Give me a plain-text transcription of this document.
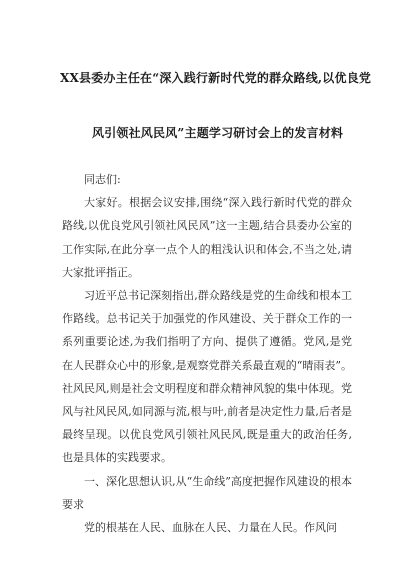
XX县委办主任在“深入践行新时代党的群众路线,以优良党
风引领社风民风”主题学习研讨会上的发言材料

同志们:

大家好。根据会议安排,围绕“深入践行新时代党的群众路线,以优良党风引领社风民风”这一主题,结合县委办公室的工作实际,在此分享一点个人的粗浅认识和体会,不当之处,请大家批评指正。

习近平总书记深刻指出,群众路线是党的生命线和根本工作路线。总书记关于加强党的作风建设、关于群众工作的一系列重要论述,为我们指明了方向、提供了遵循。党风,是党在人民群众心中的形象,是观察党群关系最直观的“晴雨表”。社风民风,则是社会文明程度和群众精神风貌的集中体现。党风与社风民风,如同源与流,根与叶,前者是决定性力量,后者是最终呈现。以优良党风引领社风民风,既是重大的政治任务,也是具体的实践要求。

一、深化思想认识,从“生命线”高度把握作风建设的根本要求

党的根基在人民、血脉在人民、力量在人民。作风问
